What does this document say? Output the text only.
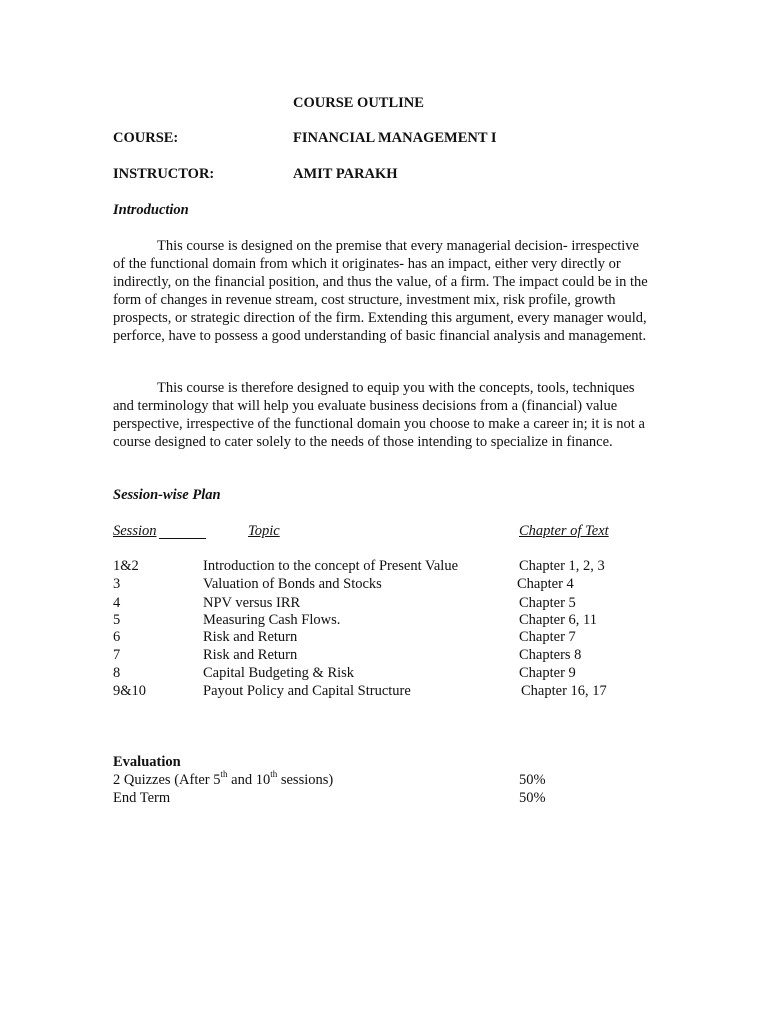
COURSE OUTLINE
COURSE:	FINANCIAL MANAGEMENT I
INSTRUCTOR:	AMIT PARAKH
Introduction

This course is designed on the premise that every managerial decision- irrespective of the functional domain from which it originates- has an impact, either very directly or indirectly, on the financial position, and thus the value, of a firm. The impact could be in the form of changes in revenue stream, cost structure, investment mix, risk profile, growth prospects, or strategic direction of the firm. Extending this argument, every manager would, perforce, have to possess a good understanding of basic financial analysis and management.

This course is therefore designed to equip you with the concepts, tools, techniques and terminology that will help you evaluate business decisions from a (financial) value perspective, irrespective of the functional domain you choose to make a career in; it is not a course designed to cater solely to the needs of those intending to specialize in finance.

Session-wise Plan
Session	Topic	Chapter of Text
1&2	Introduction to the concept of Present Value	Chapter 1, 2, 3
3	Valuation of Bonds and Stocks	Chapter 4
4	NPV versus IRR	Chapter 5
5	Measuring Cash Flows.	Chapter 6, 11
6	Risk and Return	Chapter 7
7	Risk and Return	Chapters 8
8	Capital Budgeting & Risk	Chapter 9
9&10	Payout Policy and Capital Structure	Chapter 16, 17
Evaluation
2 Quizzes (After 5th and 10th sessions)	50%
End Term	50%
